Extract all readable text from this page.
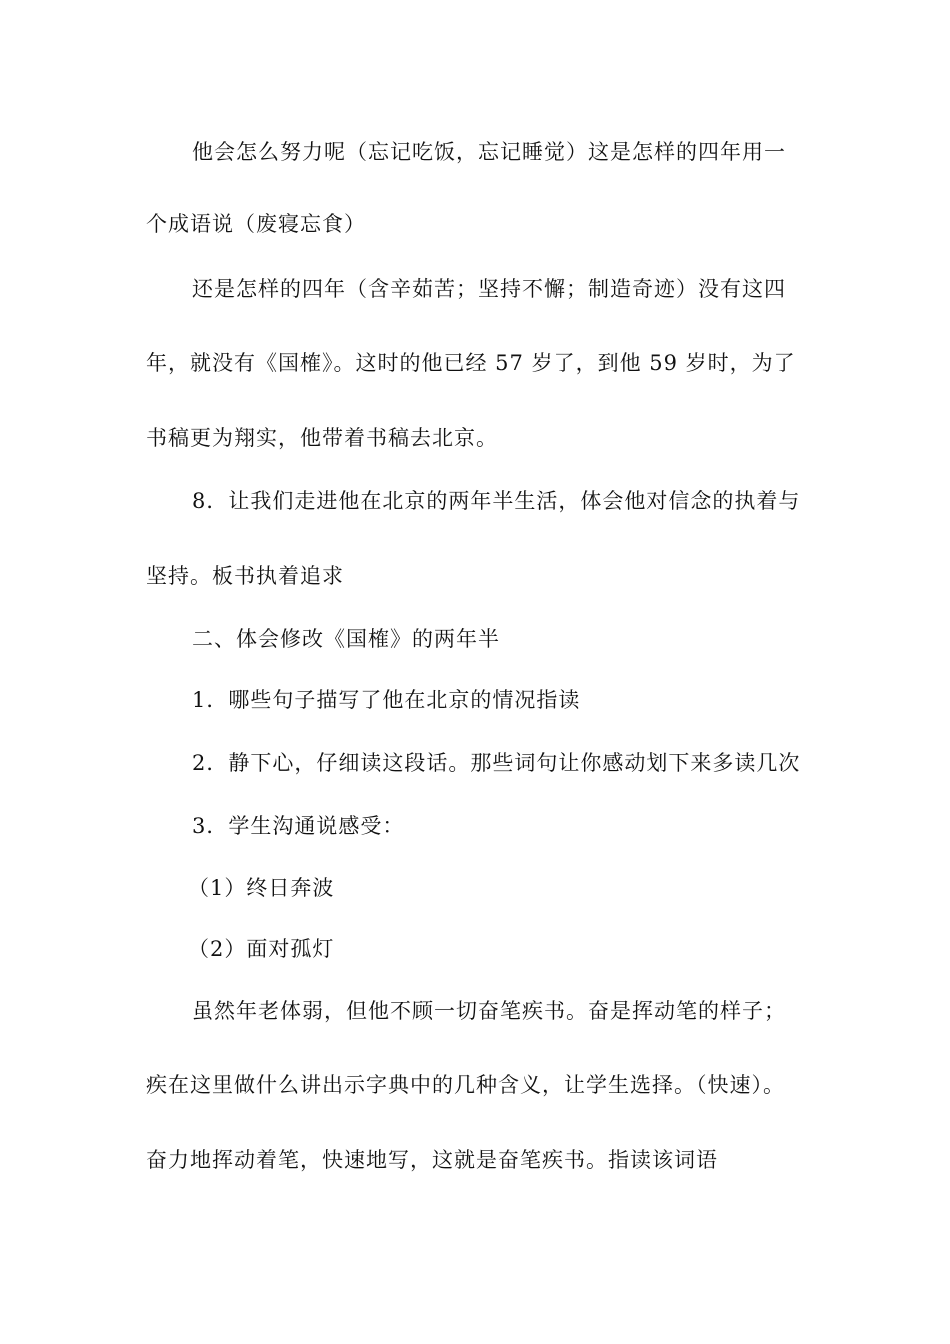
他会怎么努力呢（忘记吃饭，忘记睡觉）这是怎样的四年用一
个成语说（废寝忘食）
还是怎样的四年（含辛茹苦；坚持不懈；制造奇迹）没有这四
年，就没有《国榷》。这时的他已经 57 岁了，到他 59 岁时，为了
书稿更为翔实，他带着书稿去北京。
8．让我们走进他在北京的两年半生活，体会他对信念的执着与
坚持。板书执着追求
二、体会修改《国榷》的两年半
1．哪些句子描写了他在北京的情况指读
2．静下心，仔细读这段话。那些词句让你感动划下来多读几次
3．学生沟通说感受：
（1）终日奔波
（2）面对孤灯
虽然年老体弱，但他不顾一切奋笔疾书。奋是挥动笔的样子；
疾在这里做什么讲出示字典中的几种含义，让学生选择。（快速）。
奋力地挥动着笔，快速地写，这就是奋笔疾书。指读该词语
